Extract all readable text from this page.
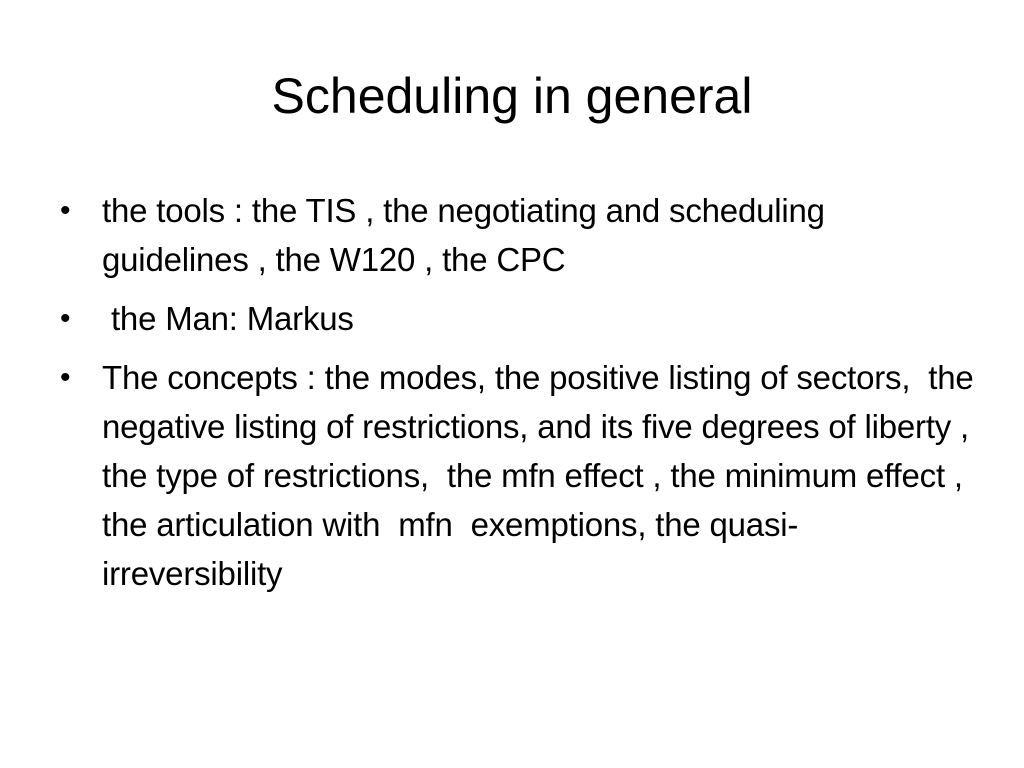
Scheduling in general
• the tools : the TIS , the negotiating and scheduling guidelines , the W120 , the CPC
• the Man: Markus
• The concepts : the modes, the positive listing of sectors,  the negative listing of restrictions, and its five degrees of liberty , the type of restrictions,  the mfn effect , the minimum effect , the articulation with  mfn  exemptions, the quasi- irreversibility
